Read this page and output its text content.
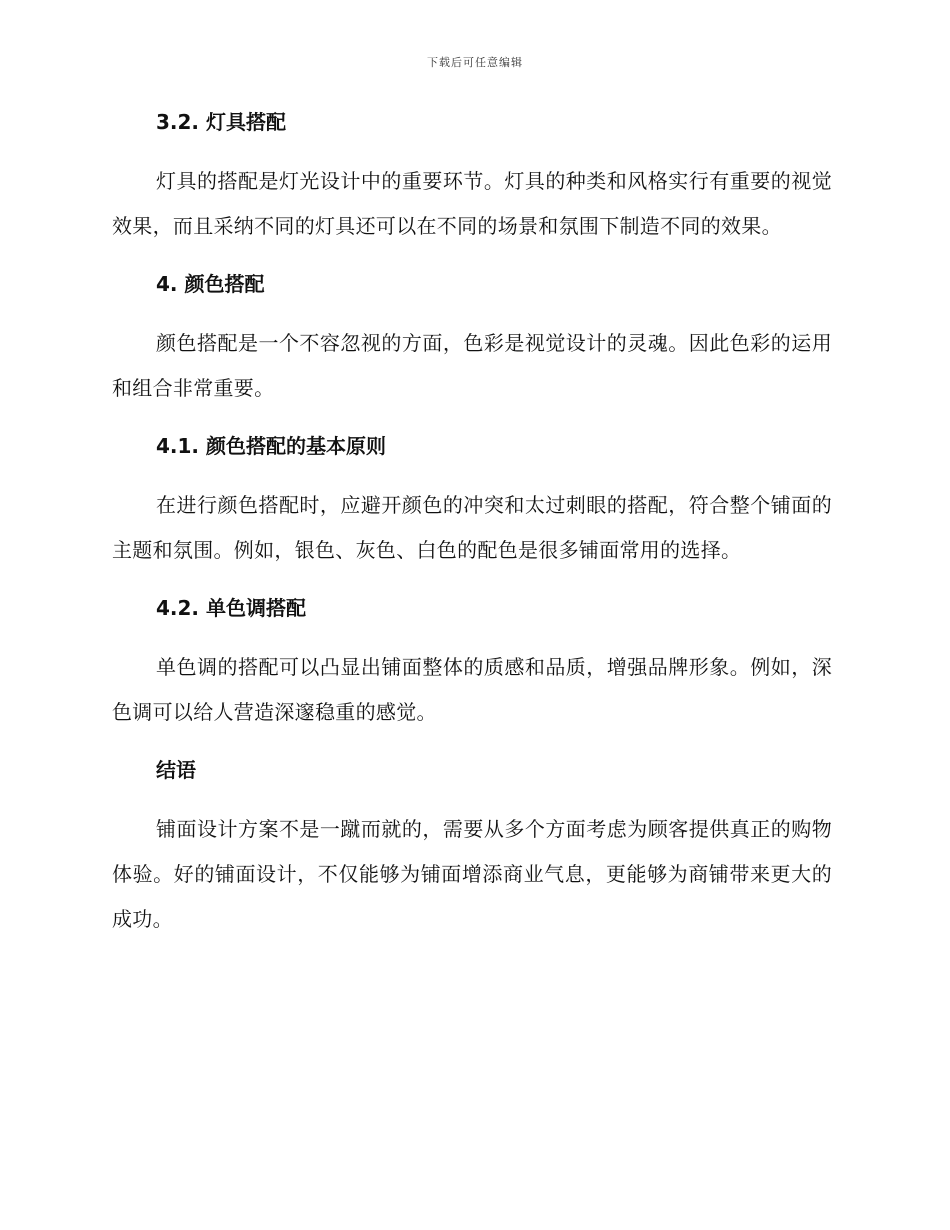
下载后可任意编辑
3.2. 灯具搭配

灯具的搭配是灯光设计中的重要环节。灯具的种类和风格实行有重要的视觉效果，而且采纳不同的灯具还可以在不同的场景和氛围下制造不同的效果。

4. 颜色搭配

颜色搭配是一个不容忽视的方面，色彩是视觉设计的灵魂。因此色彩的运用和组合非常重要。

4.1. 颜色搭配的基本原则

在进行颜色搭配时，应避开颜色的冲突和太过刺眼的搭配，符合整个铺面的主题和氛围。例如，银色、灰色、白色的配色是很多铺面常用的选择。

4.2. 单色调搭配

单色调的搭配可以凸显出铺面整体的质感和品质，增强品牌形象。例如，深色调可以给人营造深邃稳重的感觉。

结语

铺面设计方案不是一蹴而就的，需要从多个方面考虑为顾客提供真正的购物体验。好的铺面设计，不仅能够为铺面增添商业气息，更能够为商铺带来更大的成功。
